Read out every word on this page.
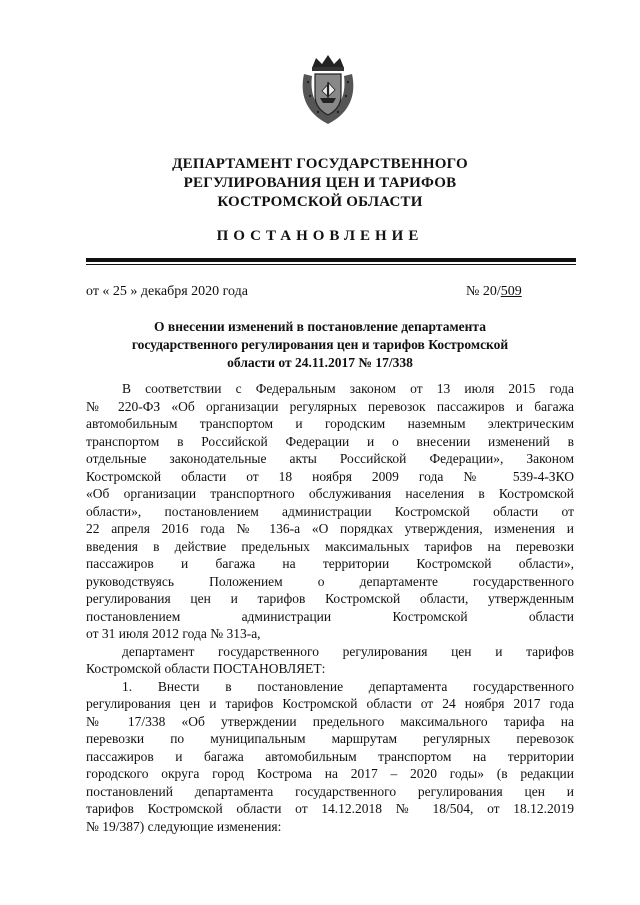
ДЕПАРТАМЕНТ ГОСУДАРСТВЕННОГО
РЕГУЛИРОВАНИЯ ЦЕН И ТАРИФОВ
КОСТРОМСКОЙ ОБЛАСТИ
ПОСТАНОВЛЕНИЕ
от « 25 » декабря 2020 года	№ 20/509
О внесении изменений в постановление департамента
государственного регулирования цен и тарифов Костромской
области от 24.11.2017 № 17/338
В соответствии с Федеральным законом от 13 июля 2015 года
№ 220-ФЗ «Об организации регулярных перевозок пассажиров и багажа
автомобильным транспортом и городским наземным электрическим
транспортом в Российской Федерации и о внесении изменений в
отдельные законодательные акты Российской Федерации», Законом
Костромской области от 18 ноября 2009 года № 539-4-ЗКО
«Об организации транспортного обслуживания населения в Костромской
области», постановлением администрации Костромской области от
22 апреля 2016 года № 136-а «О порядках утверждения, изменения и
введения в действие предельных максимальных тарифов на перевозки
пассажиров и багажа на территории Костромской области»,
руководствуясь Положением о департаменте государственного
регулирования цен и тарифов Костромской области, утвержденным
постановлением администрации Костромской области
от 31 июля 2012 года № 313-а,
департамент государственного регулирования цен и тарифов
Костромской области ПОСТАНОВЛЯЕТ:
1. Внести в постановление департамента государственного
регулирования цен и тарифов Костромской области от 24 ноября 2017 года
№ 17/338 «Об утверждении предельного максимального тарифа на
перевозки по муниципальным маршрутам регулярных перевозок
пассажиров и багажа автомобильным транспортом на территории
городского округа город Кострома на 2017 – 2020 годы» (в редакции
постановлений департамента государственного регулирования цен и
тарифов Костромской области от 14.12.2018 № 18/504, от 18.12.2019
№ 19/387) следующие изменения:
